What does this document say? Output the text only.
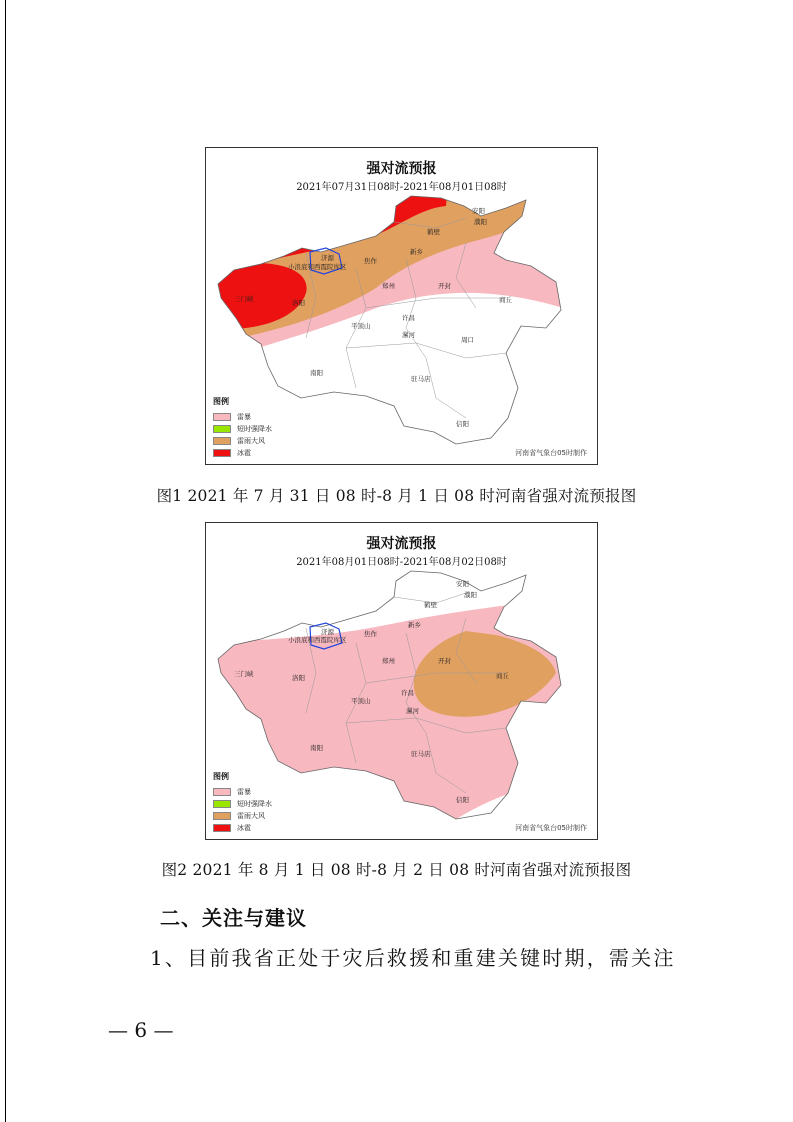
强对流预报
2021年07月31日08时-2021年08月01日08时
安阳
濮阳
鹤壁
新乡
焦作
济源
小浪底和西霞院库区
三门峡	洛阳
郑州	开封
商丘
许昌
平顶山
漯河
周口
南阳
驻马店
信阳
图例
雷暴
短时强降水
雷雨大风
冰雹	河南省气象台05时制作
图1 2021 年 7 月 31 日 08 时-8 月 1 日 08 时河南省强对流预报图
强对流预报
2021年08月01日08时-2021年08月02日08时
安阳
濮阳
鹤壁
新乡
焦作
济源
小浪底和西霞院库区
三门峡	洛阳
郑州	开封
商丘
许昌
平顶山
漯河
南阳
驻马店
信阳
图例
雷暴
短时强降水
雷雨大风
冰雹	河南省气象台05时制作
图2 2021 年 8 月 1 日 08 时-8 月 2 日 08 时河南省强对流预报图
二、关注与建议
1、目前我省正处于灾后救援和重建关键时期，需关注
— 6 —
